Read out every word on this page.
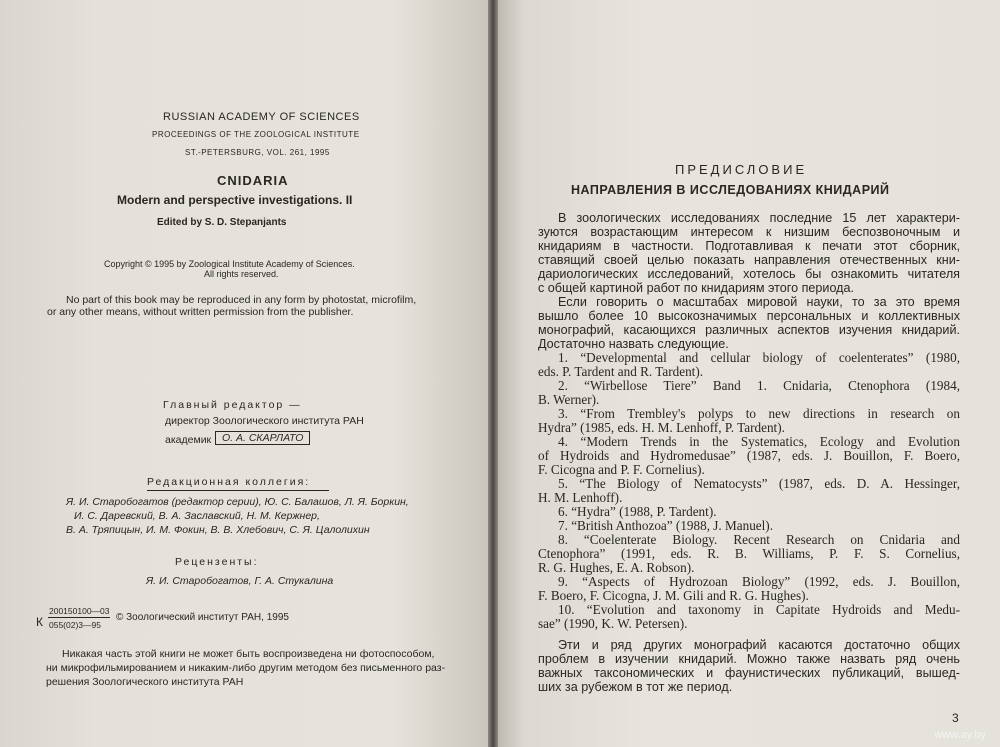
RUSSIAN ACADEMY OF SCIENCES
PROCEEDINGS OF THE ZOOLOGICAL INSTITUTE
ST.-PETERSBURG, VOL. 261, 1995
CNIDARIA
Modern and perspective investigations. II
Edited by S. D. Stepanjants
Copyright © 1995 by Zoological Institute Academy of Sciences.
All rights reserved.
No part of this book may be reproduced in any form by photostat, microfilm,
or any other means, without written permission from the publisher.
Главный редактор —
директор Зоологического института РАН
академик	О. А. СКАРЛАТО
Редакционная коллегия:
Я. И. Старобогатов (редактор серии), Ю. С. Балашов, Л. Я. Боркин,
И. С. Даревский, В. А. Заславский, Н. М. Кержнер,
В. А. Тряпицын, И. М. Фокин, В. В. Хлебович, С. Я. Цалолихин
Рецензенты:
Я. И. Старобогатов, Г. А. Стукалина
К
200150100—03
055(02)3—95
© Зоологический институт РАН, 1995
Никакая часть этой книги не может быть воспроизведена ни фотоспособом,
ни микрофильмированием и никаким-либо другим методом без письменного раз-
решения Зоологического института РАН
ПРЕДИСЛОВИЕ
НАПРАВЛЕНИЯ В ИССЛЕДОВАНИЯХ КНИДАРИЙ
В зоологических исследованиях последние 15 лет характери-
зуются возрастающим интересом к низшим беспозвоночным и
книдариям в частности. Подготавливая к печати этот сборник,
ставящий своей целью показать направления отечественных кни-
дариологических исследований, хотелось бы ознакомить читателя
с общей картиной работ по книдариям этого периода.
Если говорить о масштабах мировой науки, то за это время
вышло более 10 высокозначимых персональных и коллективных
монографий, касающихся различных аспектов изучения книдарий.
Достаточно назвать следующие.
1. “Developmental and cellular biology of coelenterates” (1980,
eds. P. Tardent and R. Tardent).
2. “Wirbellose Tiere” Band 1. Cnidaria, Ctenophora (1984,
B. Werner).
3. “From Trembley's polyps to new directions in research on
Hydra” (1985, eds. H. M. Lenhoff, P. Tardent).
4. “Modern Trends in the Systematics, Ecology and Evolution
of Hydroids and Hydromedusae” (1987, eds. J. Bouillon, F. Boero,
F. Cicogna and P. F. Cornelius).
5. “The Biology of Nematocysts” (1987, eds. D. A. Hessinger,
H. M. Lenhoff).
6. “Hydra” (1988, P. Tardent).
7. “British Anthozoa” (1988, J. Manuel).
8. “Coelenterate Biology. Recent Research on Cnidaria and
Ctenophora” (1991, eds. R. B. Williams, P. F. S. Cornelius,
R. G. Hughes, E. A. Robson).
9. “Aspects of Hydrozoan Biology” (1992, eds. J. Bouillon,
F. Boero, F. Cicogna, J. M. Gili and R. G. Hughes).
10. “Evolution and taxonomy in Capitate Hydroids and Medu-
sae” (1990, K. W. Petersen).
Эти и ряд других монографий касаются достаточно общих
проблем в изучении книдарий. Можно также назвать ряд очень
важных таксономических и фаунистических публикаций, вышед-
ших за рубежом в тот же период.
3
www.ay.by
